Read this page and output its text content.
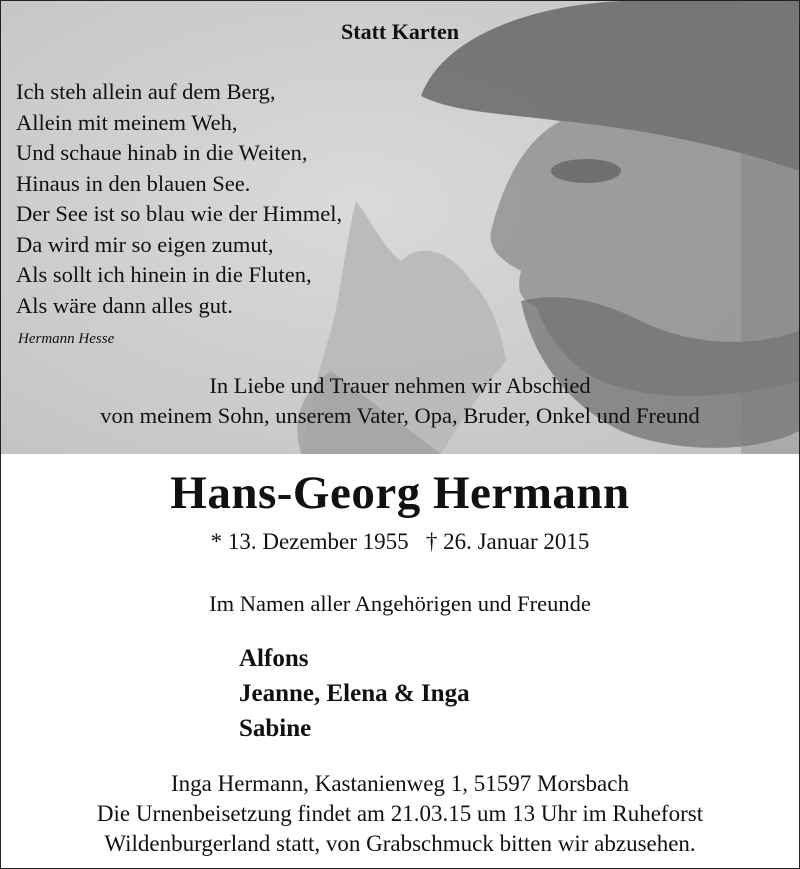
Statt Karten
Ich steh allein auf dem Berg,
Allein mit meinem Weh,
Und schaue hinab in die Weiten,
Hinaus in den blauen See.
Der See ist so blau wie der Himmel,
Da wird mir so eigen zumut,
Als sollt ich hinein in die Fluten,
Als wäre dann alles gut.
Hermann Hesse
In Liebe und Trauer nehmen wir Abschied
von meinem Sohn, unserem Vater, Opa, Bruder, Onkel und Freund
Hans-Georg Hermann
* 13. Dezember 1955   † 26. Januar 2015
Im Namen aller Angehörigen und Freunde
Alfons
Jeanne, Elena & Inga
Sabine
Inga Hermann, Kastanienweg 1, 51597 Morsbach
Die Urnenbeisetzung findet am 21.03.15 um 13 Uhr im Ruheforst
Wildenburgerland statt, von Grabschmuck bitten wir abzusehen.
